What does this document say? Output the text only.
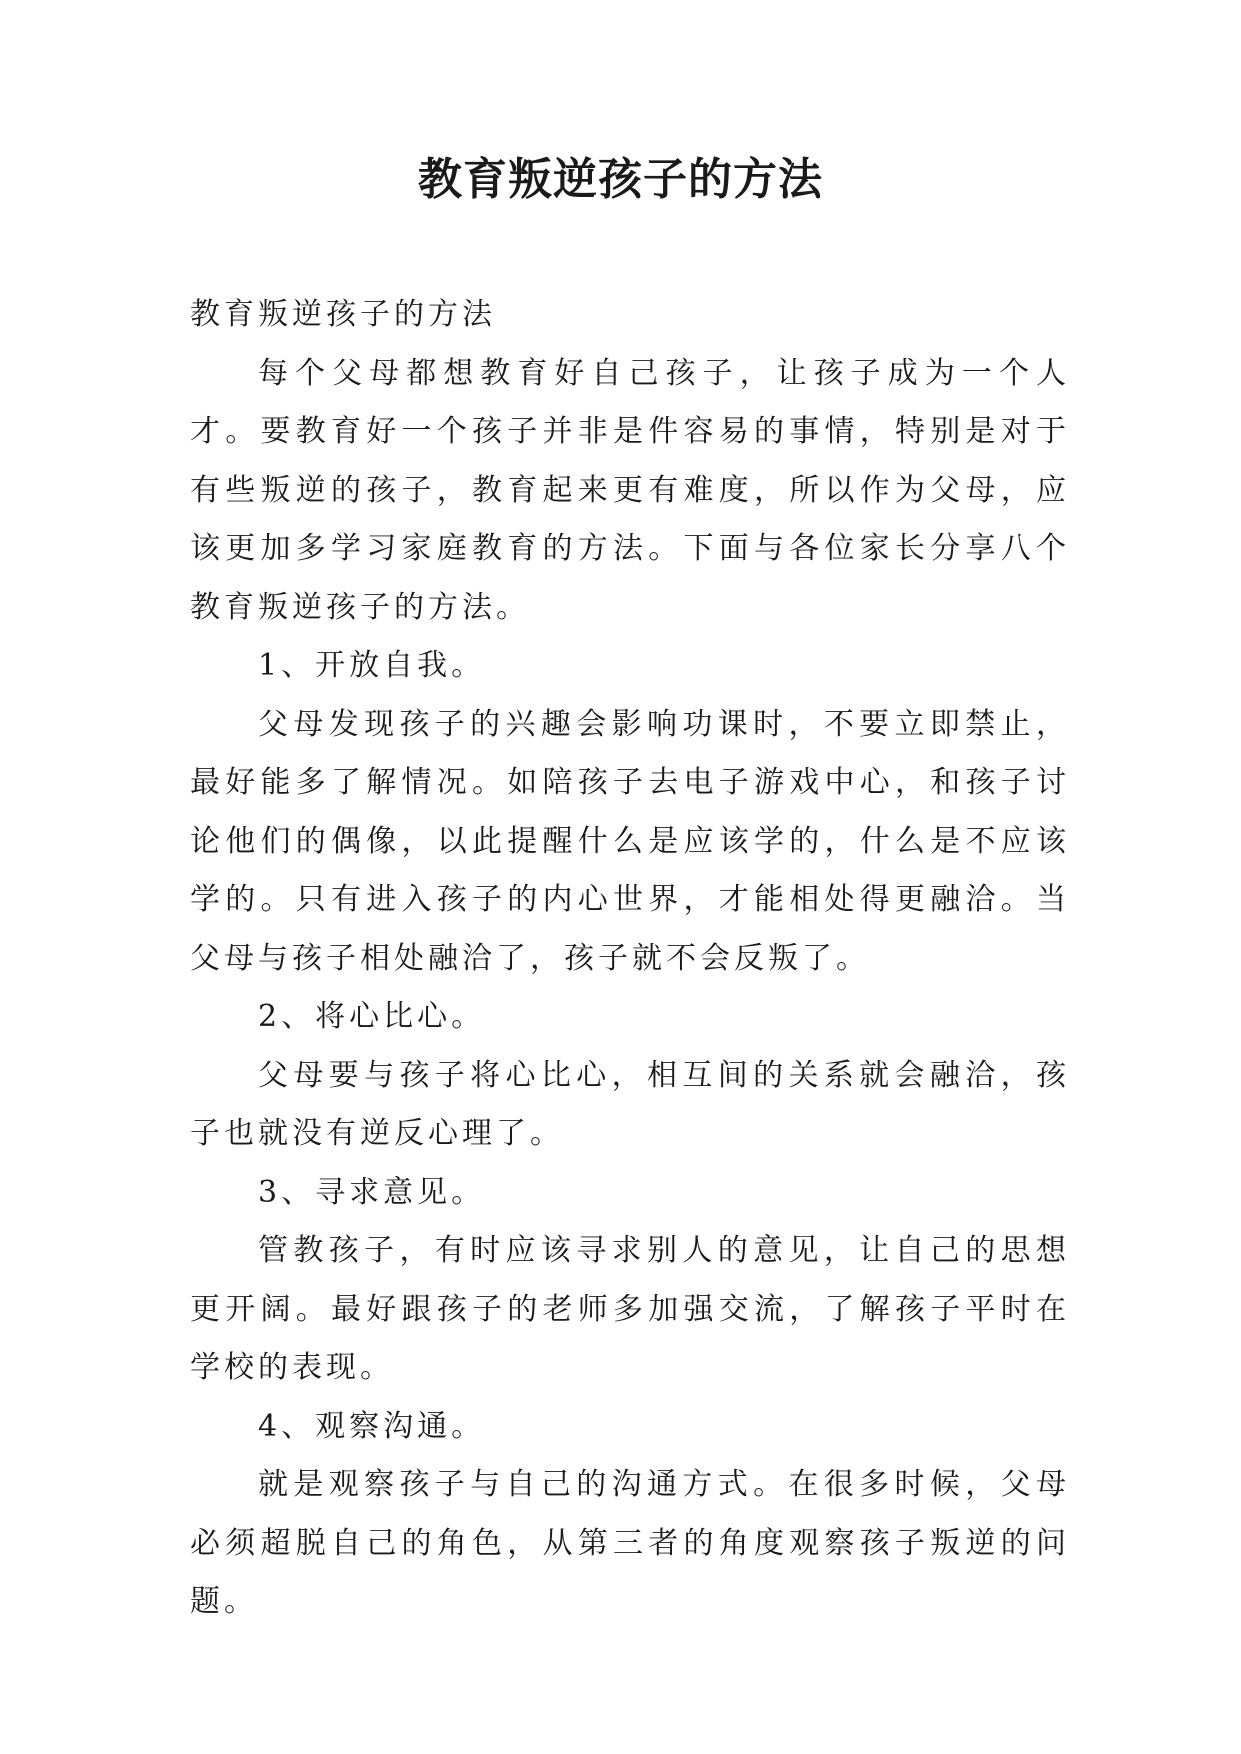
教育叛逆孩子的方法

教育叛逆孩子的方法

每个父母都想教育好自己孩子，让孩子成为一个人才。要教育好一个孩子并非是件容易的事情，特别是对于有些叛逆的孩子，教育起来更有难度，所以作为父母，应该更加多学习家庭教育的方法。下面与各位家长分享八个教育叛逆孩子的方法。

1、开放自我。

父母发现孩子的兴趣会影响功课时，不要立即禁止，最好能多了解情况。如陪孩子去电子游戏中心，和孩子讨论他们的偶像，以此提醒什么是应该学的，什么是不应该学的。只有进入孩子的内心世界，才能相处得更融洽。当父母与孩子相处融洽了，孩子就不会反叛了。

2、将心比心。

父母要与孩子将心比心，相互间的关系就会融洽，孩子也就没有逆反心理了。

3、寻求意见。

管教孩子，有时应该寻求别人的意见，让自己的思想更开阔。最好跟孩子的老师多加强交流，了解孩子平时在学校的表现。

4、观察沟通。

就是观察孩子与自己的沟通方式。在很多时候，父母必须超脱自己的角色，从第三者的角度观察孩子叛逆的问题。
